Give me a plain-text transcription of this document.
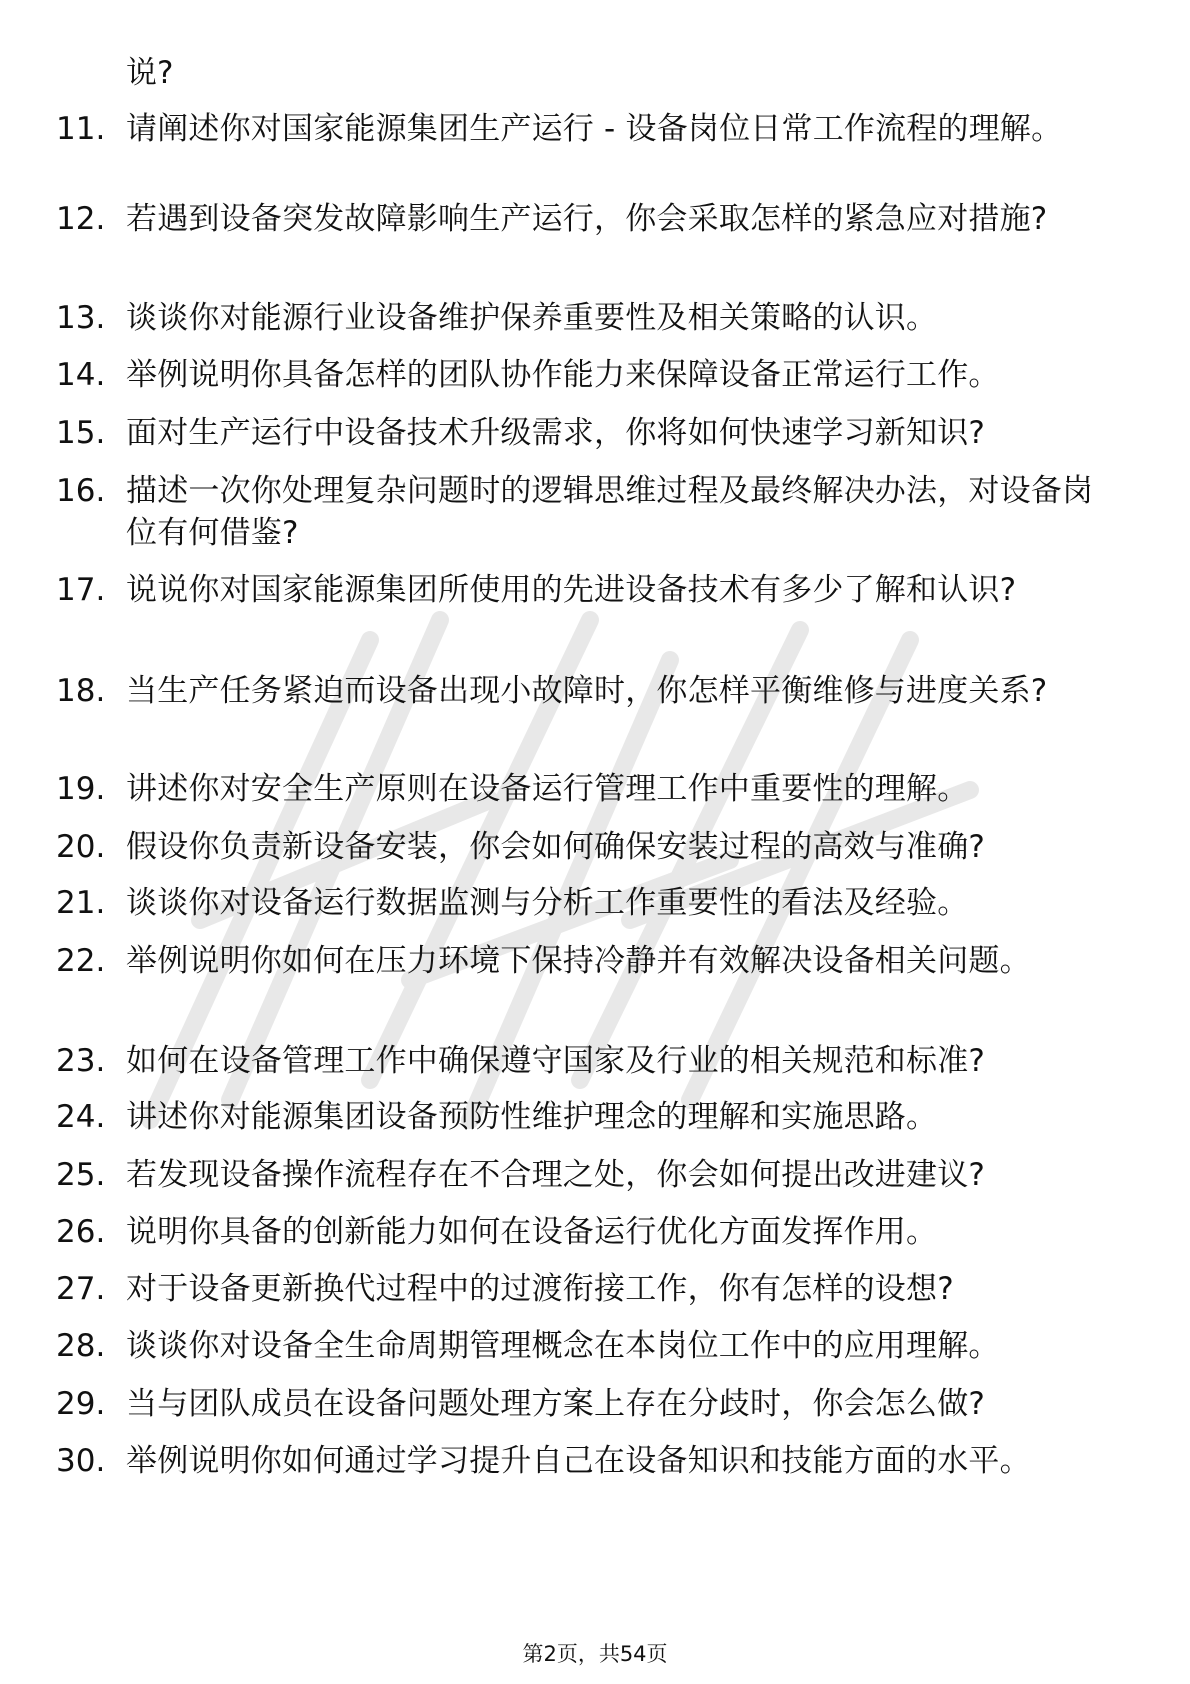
说?
11. 请阐述你对国家能源集团生产运行 - 设备岗位日常工作流程的理解。
12. 若遇到设备突发故障影响生产运行，你会采取怎样的紧急应对措施?
13. 谈谈你对能源行业设备维护保养重要性及相关策略的认识。
14. 举例说明你具备怎样的团队协作能力来保障设备正常运行工作。
15. 面对生产运行中设备技术升级需求，你将如何快速学习新知识?
16. 描述一次你处理复杂问题时的逻辑思维过程及最终解决办法，对设备岗位有何借鉴?
17. 说说你对国家能源集团所使用的先进设备技术有多少了解和认识?
18. 当生产任务紧迫而设备出现小故障时，你怎样平衡维修与进度关系?
19. 讲述你对安全生产原则在设备运行管理工作中重要性的理解。
20. 假设你负责新设备安装，你会如何确保安装过程的高效与准确?
21. 谈谈你对设备运行数据监测与分析工作重要性的看法及经验。
22. 举例说明你如何在压力环境下保持冷静并有效解决设备相关问题。
23. 如何在设备管理工作中确保遵守国家及行业的相关规范和标准?
24. 讲述你对能源集团设备预防性维护理念的理解和实施思路。
25. 若发现设备操作流程存在不合理之处，你会如何提出改进建议?
26. 说明你具备的创新能力如何在设备运行优化方面发挥作用。
27. 对于设备更新换代过程中的过渡衔接工作，你有怎样的设想?
28. 谈谈你对设备全生命周期管理概念在本岗位工作中的应用理解。
29. 当与团队成员在设备问题处理方案上存在分歧时，你会怎么做?
30. 举例说明你如何通过学习提升自己在设备知识和技能方面的水平。
第2页，共54页
